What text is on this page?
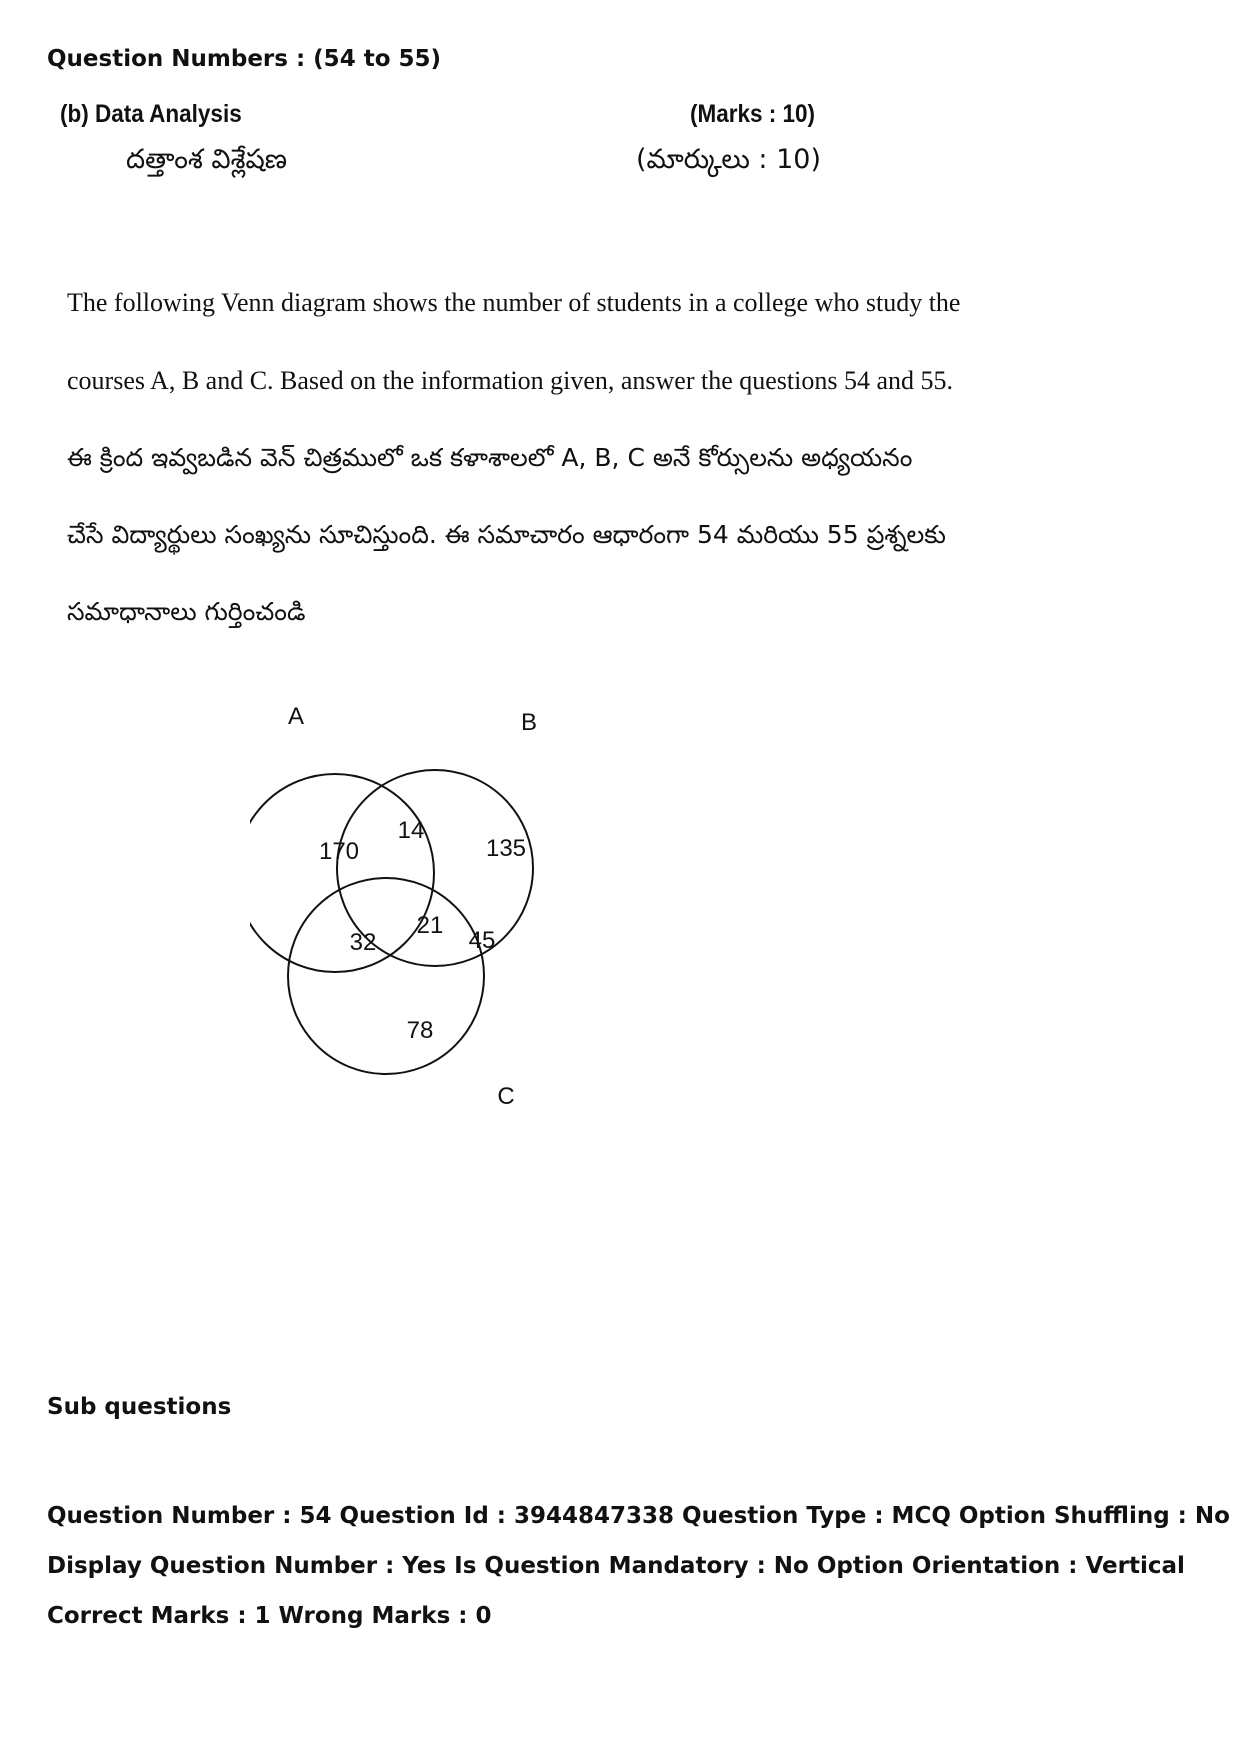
Question Numbers : (54 to 55)
(b) Data Analysis	(Marks : 10)
దత్తాంశ విశ్లేషణ	(మార్కులు : 10)
The following Venn diagram shows the number of students in a college who study the
courses A, B and C. Based on the information given, answer the questions 54 and 55.
ఈ క్రింద ఇవ్వబడిన వెన్ చిత్రములో ఒక కళాశాలలో A, B, C అనే కోర్సులను అధ్యయనం
చేసే విద్యార్థులు సంఖ్యను సూచిస్తుంది. ఈ సమాచారం ఆధారంగా 54 మరియు 55 ప్రశ్నలకు
సమాధానాలు గుర్తించండి
A	B
C
170
14
135
32
21
45
78
Sub questions
Question Number : 54 Question Id : 3944847338 Question Type : MCQ Option Shuffling : No
Display Question Number : Yes Is Question Mandatory : No Option Orientation : Vertical
Correct Marks : 1 Wrong Marks : 0
